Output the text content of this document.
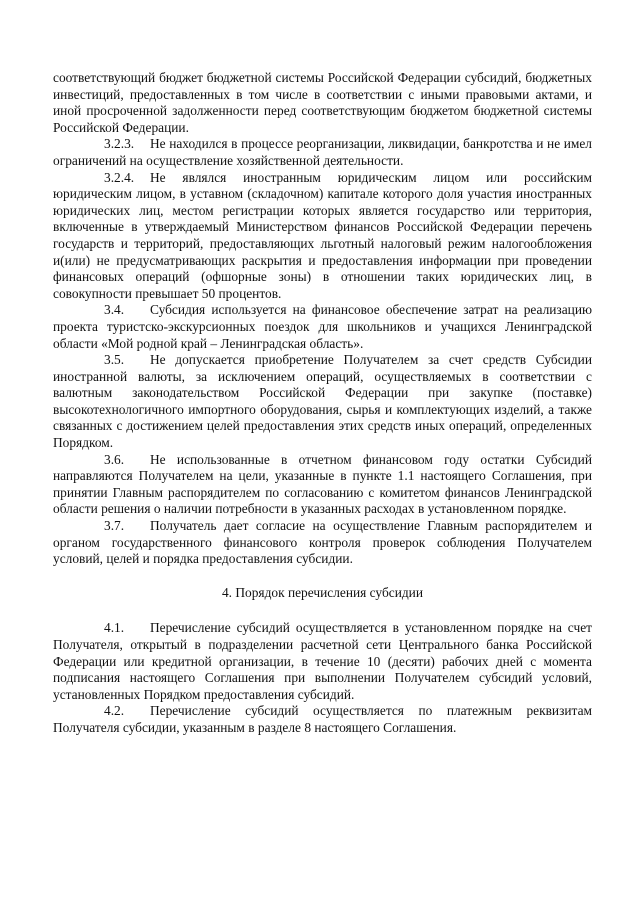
соответствующий бюджет бюджетной системы Российской Федерации субсидий, бюджетных инвестиций, предоставленных в том числе в соответствии с иными правовыми актами, и иной просроченной задолженности перед соответствующим бюджетом бюджетной системы Российской Федерации.

3.2.3. Не находился в процессе реорганизации, ликвидации, банкротства и не имел ограничений на осуществление хозяйственной деятельности.

3.2.4. Не являлся иностранным юридическим лицом или российским юридическим лицом, в уставном (складочном) капитале которого доля участия иностранных юридических лиц, местом регистрации которых является государство или территория, включенные в утверждаемый Министерством финансов Российской Федерации перечень государств и территорий, предоставляющих льготный налоговый режим налогообложения и(или) не предусматривающих раскрытия и предоставления информации при проведении финансовых операций (офшорные зоны) в отношении таких юридических лиц, в совокупности превышает 50 процентов.

3.4. Субсидия используется на финансовое обеспечение затрат на реализацию проекта туристско-экскурсионных поездок для школьников и учащихся Ленинградской области «Мой родной край – Ленинградская область».

3.5. Не допускается приобретение Получателем за счет средств Субсидии иностранной валюты, за исключением операций, осуществляемых в соответствии с валютным законодательством Российской Федерации при закупке (поставке) высокотехнологичного импортного оборудования, сырья и комплектующих изделий, а также связанных с достижением целей предоставления этих средств иных операций, определенных Порядком.

3.6. Не использованные в отчетном финансовом году остатки Субсидий направляются Получателем на цели, указанные в пункте 1.1 настоящего Соглашения, при принятии Главным распорядителем по согласованию с комитетом финансов Ленинградской области решения о наличии потребности в указанных расходах в установленном порядке.

3.7. Получатель дает согласие на осуществление Главным распорядителем и органом государственного финансового контроля проверок соблюдения Получателем условий, целей и порядка предоставления субсидии.

4. Порядок перечисления субсидии

4.1. Перечисление субсидий осуществляется в установленном порядке на счет Получателя, открытый в подразделении расчетной сети Центрального банка Российской Федерации или кредитной организации, в течение 10 (десяти) рабочих дней с момента подписания настоящего Соглашения при выполнении Получателем субсидий условий, установленных Порядком предоставления субсидий.

4.2. Перечисление субсидий осуществляется по платежным реквизитам Получателя субсидии, указанным в разделе 8 настоящего Соглашения.
